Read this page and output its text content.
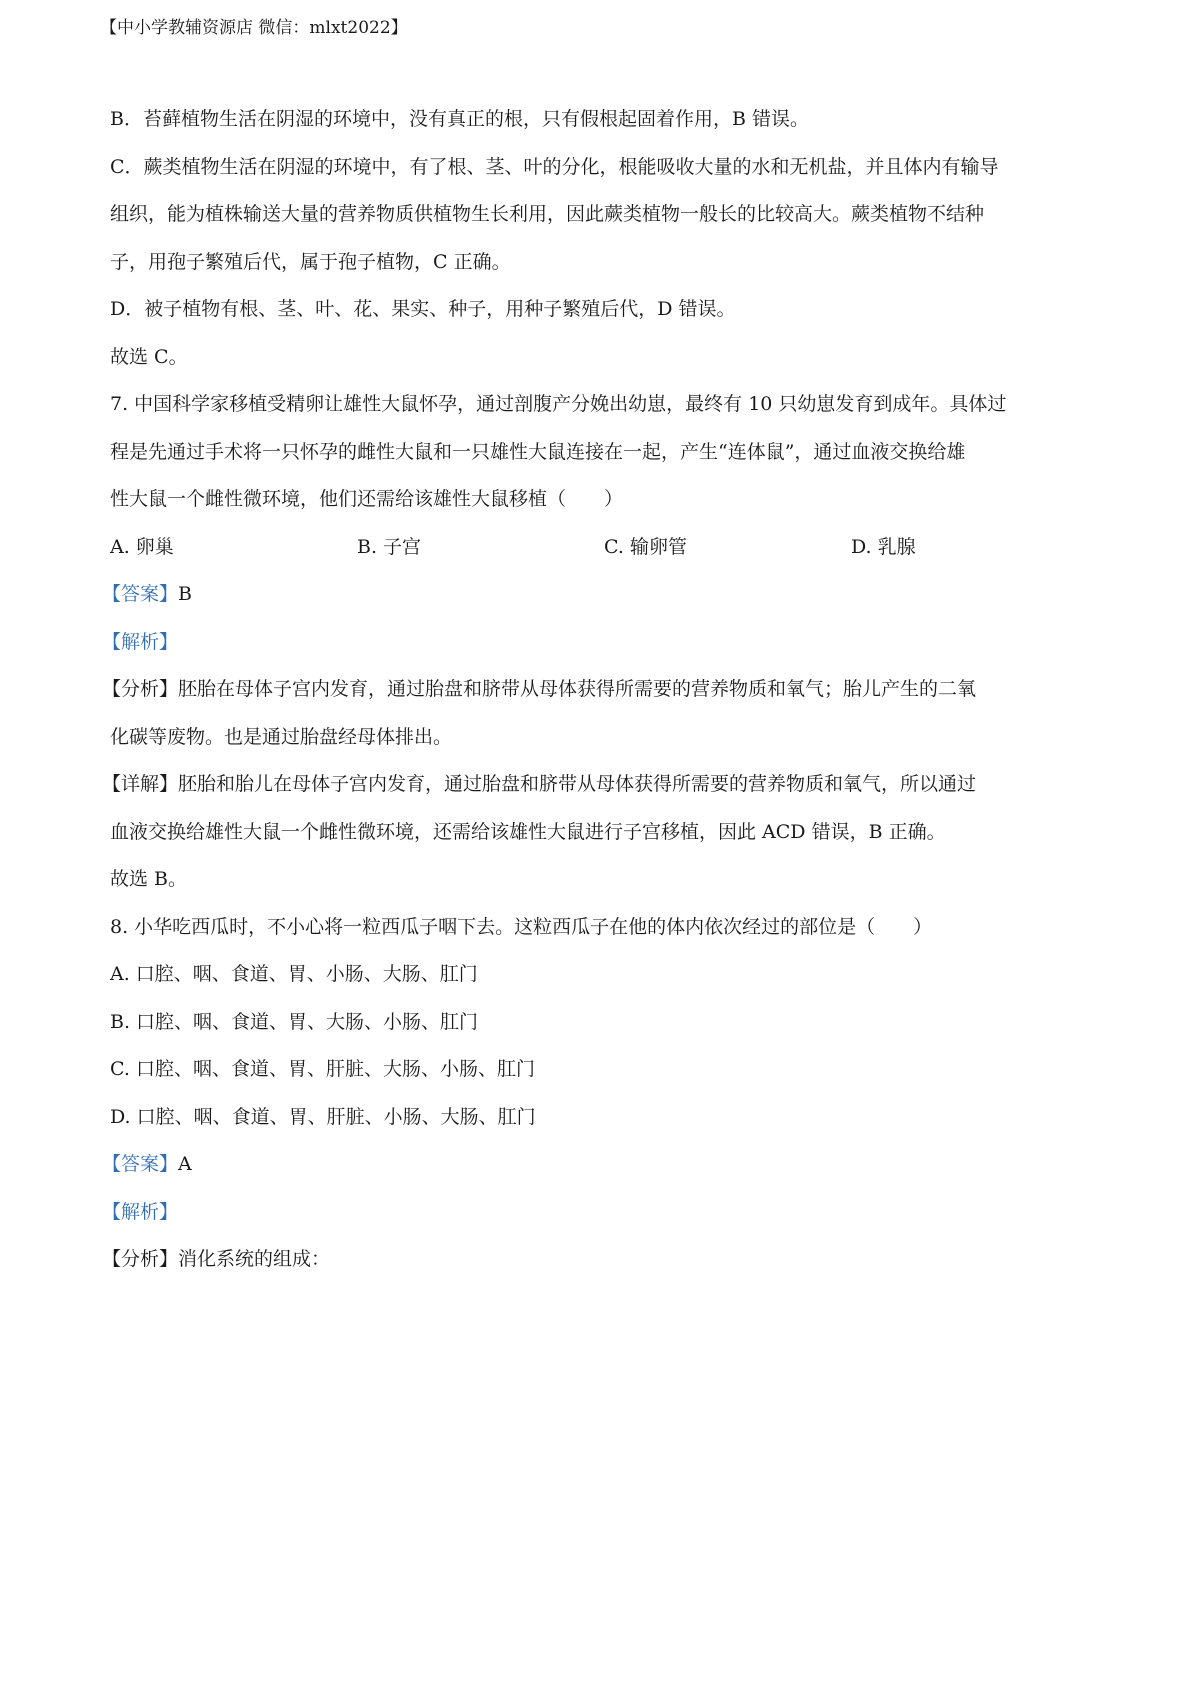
【中小学教辅资源店 微信：mlxt2022】
B．苔藓植物生活在阴湿的环境中，没有真正的根，只有假根起固着作用，B 错误。
C．蕨类植物生活在阴湿的环境中，有了根、茎、叶的分化，根能吸收大量的水和无机盐，并且体内有输导
组织，能为植株输送大量的营养物质供植物生长利用，因此蕨类植物一般长的比较高大。蕨类植物不结种
子，用孢子繁殖后代，属于孢子植物，C 正确。
D．被子植物有根、茎、叶、花、果实、种子，用种子繁殖后代，D 错误。
故选 C。
7. 中国科学家移植受精卵让雄性大鼠怀孕，通过剖腹产分娩出幼崽，最终有 10 只幼崽发育到成年。具体过
程是先通过手术将一只怀孕的雌性大鼠和一只雄性大鼠连接在一起，产生“连体鼠”，通过血液交换给雄
性大鼠一个雌性微环境，他们还需给该雄性大鼠移植（　　）
A. 卵巢	B. 子宫	C. 输卵管	D. 乳腺
【答案】B
【解析】
【分析】胚胎在母体子宫内发育，通过胎盘和脐带从母体获得所需要的营养物质和氧气；胎儿产生的二氧
化碳等废物。也是通过胎盘经母体排出。
【详解】胚胎和胎儿在母体子宫内发育，通过胎盘和脐带从母体获得所需要的营养物质和氧气，所以通过
血液交换给雄性大鼠一个雌性微环境，还需给该雄性大鼠进行子宫移植，因此 ACD 错误，B 正确。
故选 B。
8. 小华吃西瓜时，不小心将一粒西瓜子咽下去。这粒西瓜子在他的体内依次经过的部位是（　　）
A. 口腔、咽、食道、胃、小肠、大肠、肛门
B. 口腔、咽、食道、胃、大肠、小肠、肛门
C. 口腔、咽、食道、胃、肝脏、大肠、小肠、肛门
D. 口腔、咽、食道、胃、肝脏、小肠、大肠、肛门
【答案】A
【解析】
【分析】消化系统的组成：
